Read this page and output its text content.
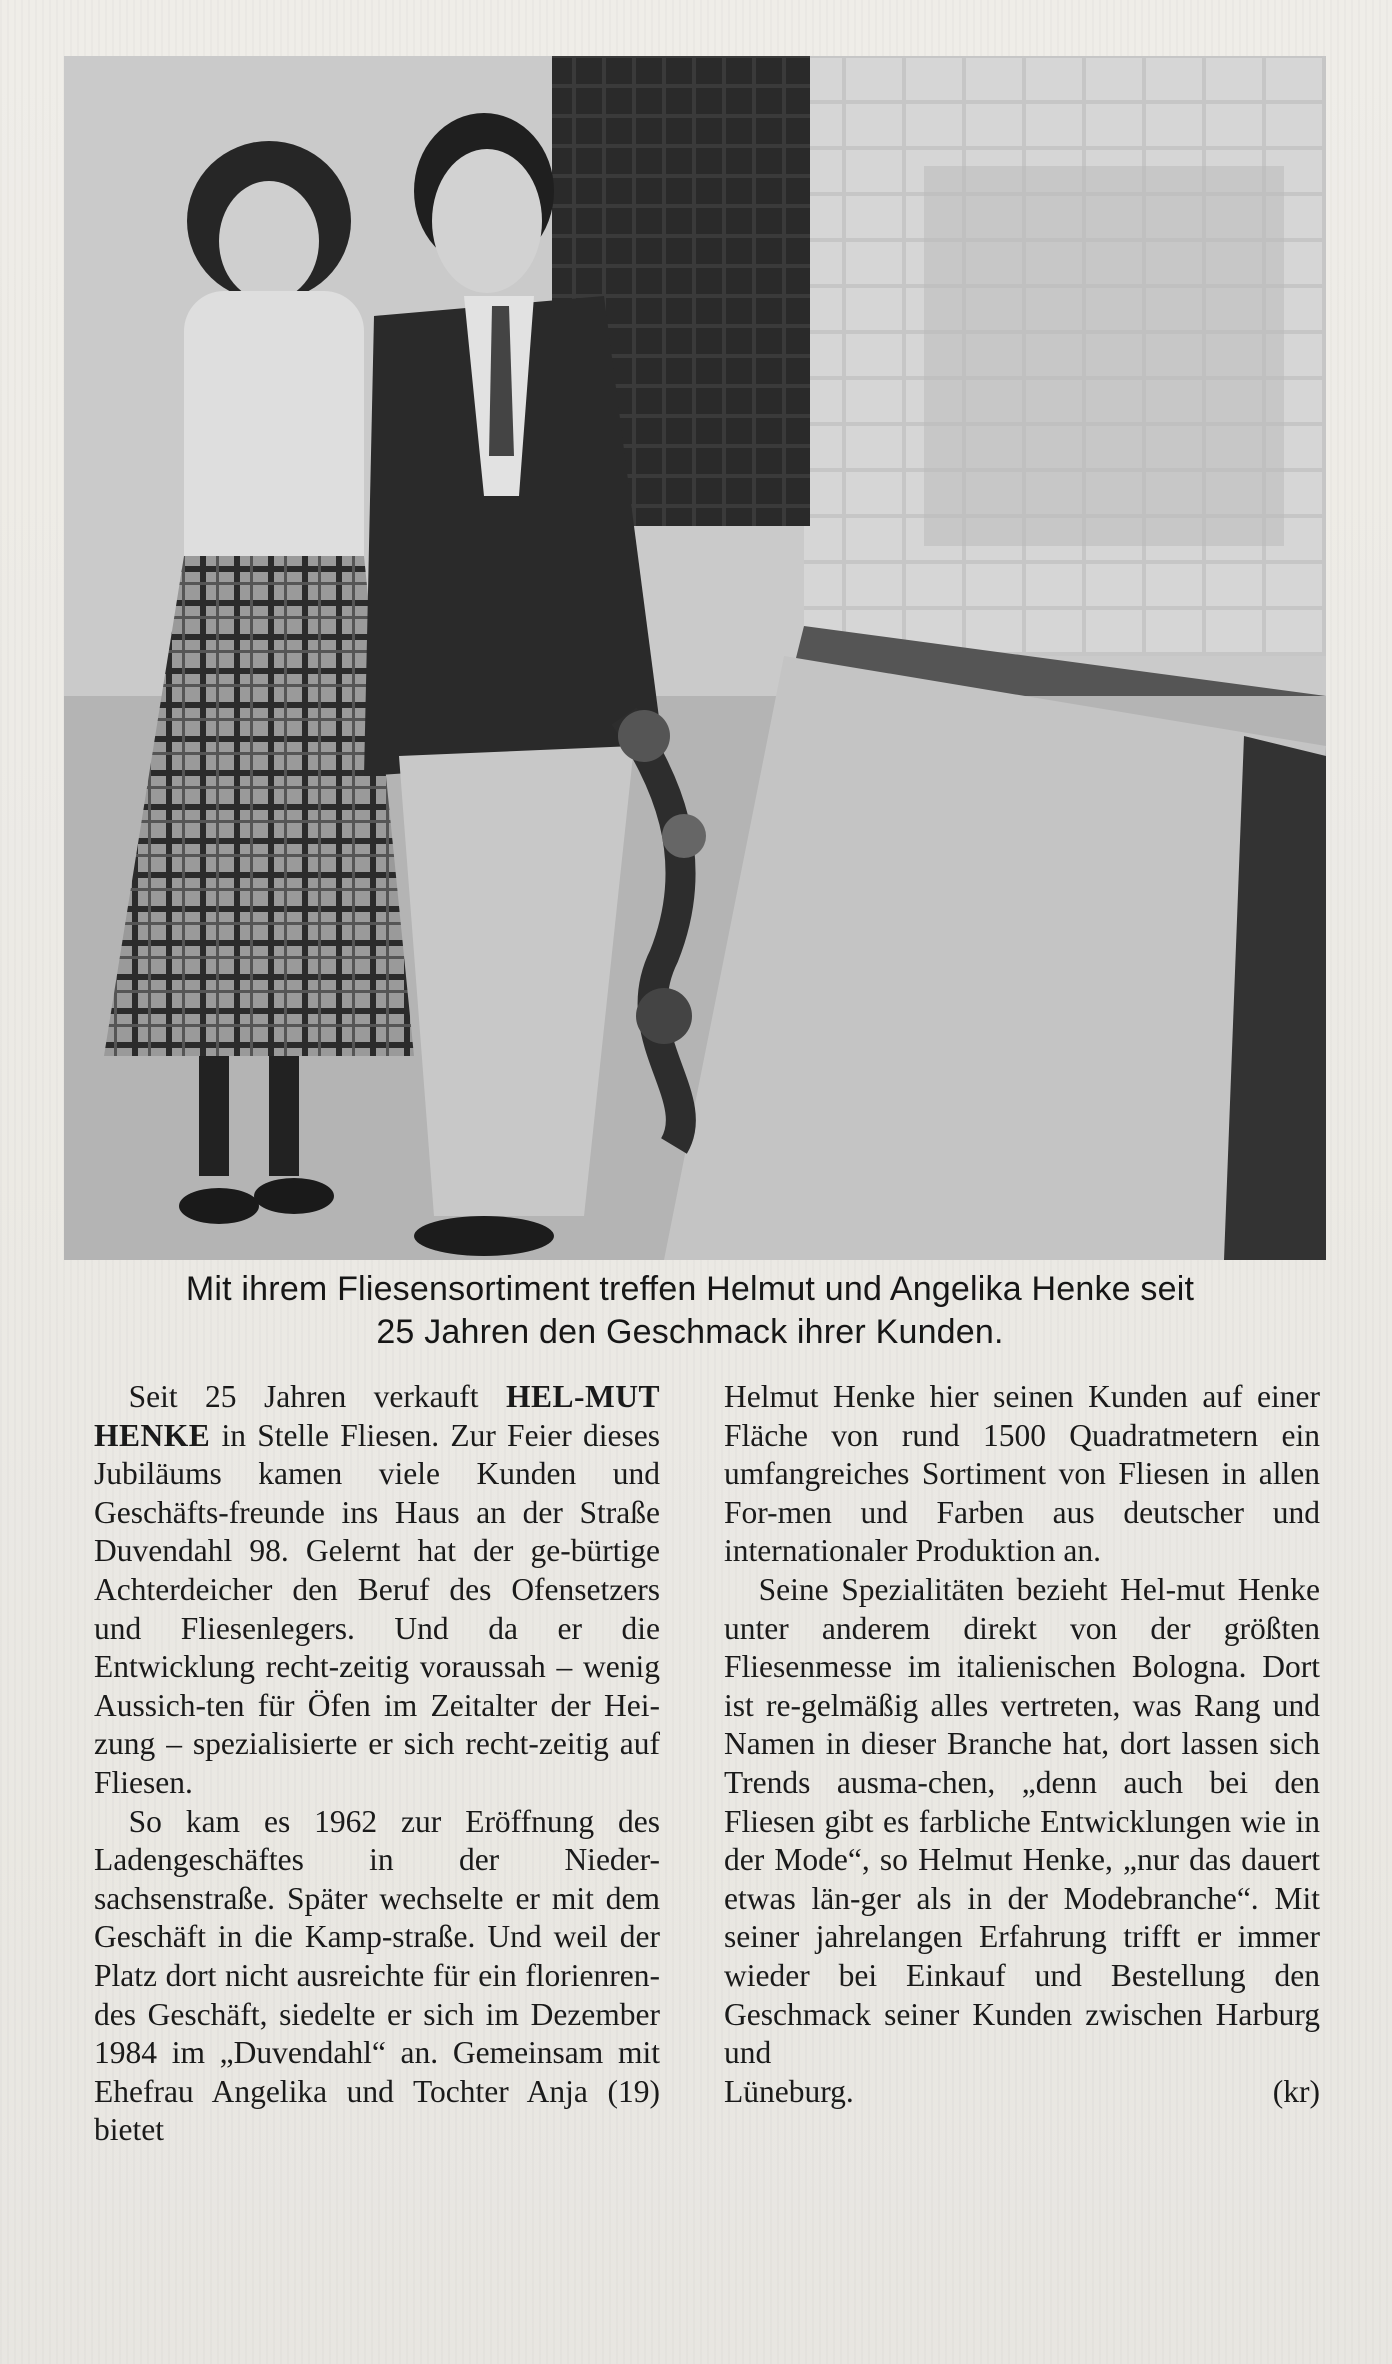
Mit ihrem Fliesensortiment treffen Helmut und Angelika Henke seit
25 Jahren den Geschmack ihrer Kunden.

Seit 25 Jahren verkauft HEL-MUT HENKE in Stelle Fliesen. Zur Feier dieses Jubiläums kamen viele Kunden und Geschäfts-freunde ins Haus an der Straße Duvendahl 98. Gelernt hat der ge-bürtige Achterdeicher den Beruf des Ofensetzers und Fliesenlegers. Und da er die Entwicklung recht-zeitig voraussah – wenig Aussich-ten für Öfen im Zeitalter der Hei-zung – spezialisierte er sich recht-zeitig auf Fliesen.

So kam es 1962 zur Eröffnung des Ladengeschäftes in der Nieder-sachsenstraße. Später wechselte er mit dem Geschäft in die Kamp-straße. Und weil der Platz dort nicht ausreichte für ein florienren-des Geschäft, siedelte er sich im Dezember 1984 im „Duvendahl“ an. Gemeinsam mit Ehefrau Angelika und Tochter Anja (19) bietet

Helmut Henke hier seinen Kunden auf einer Fläche von rund 1500 Quadratmetern ein umfangreiches Sortiment von Fliesen in allen For-men und Farben aus deutscher und internationaler Produktion an.

Seine Spezialitäten bezieht Hel-mut Henke unter anderem direkt von der größten Fliesenmesse im italienischen Bologna. Dort ist re-gelmäßig alles vertreten, was Rang und Namen in dieser Branche hat, dort lassen sich Trends ausma-chen, „denn auch bei den Fliesen gibt es farbliche Entwicklungen wie in der Mode“, so Helmut Henke, „nur das dauert etwas län-ger als in der Modebranche“. Mit seiner jahrelangen Erfahrung trifft er immer wieder bei Einkauf und Bestellung den Geschmack seiner Kunden zwischen Harburg und

Lüneburg.	(kr)
